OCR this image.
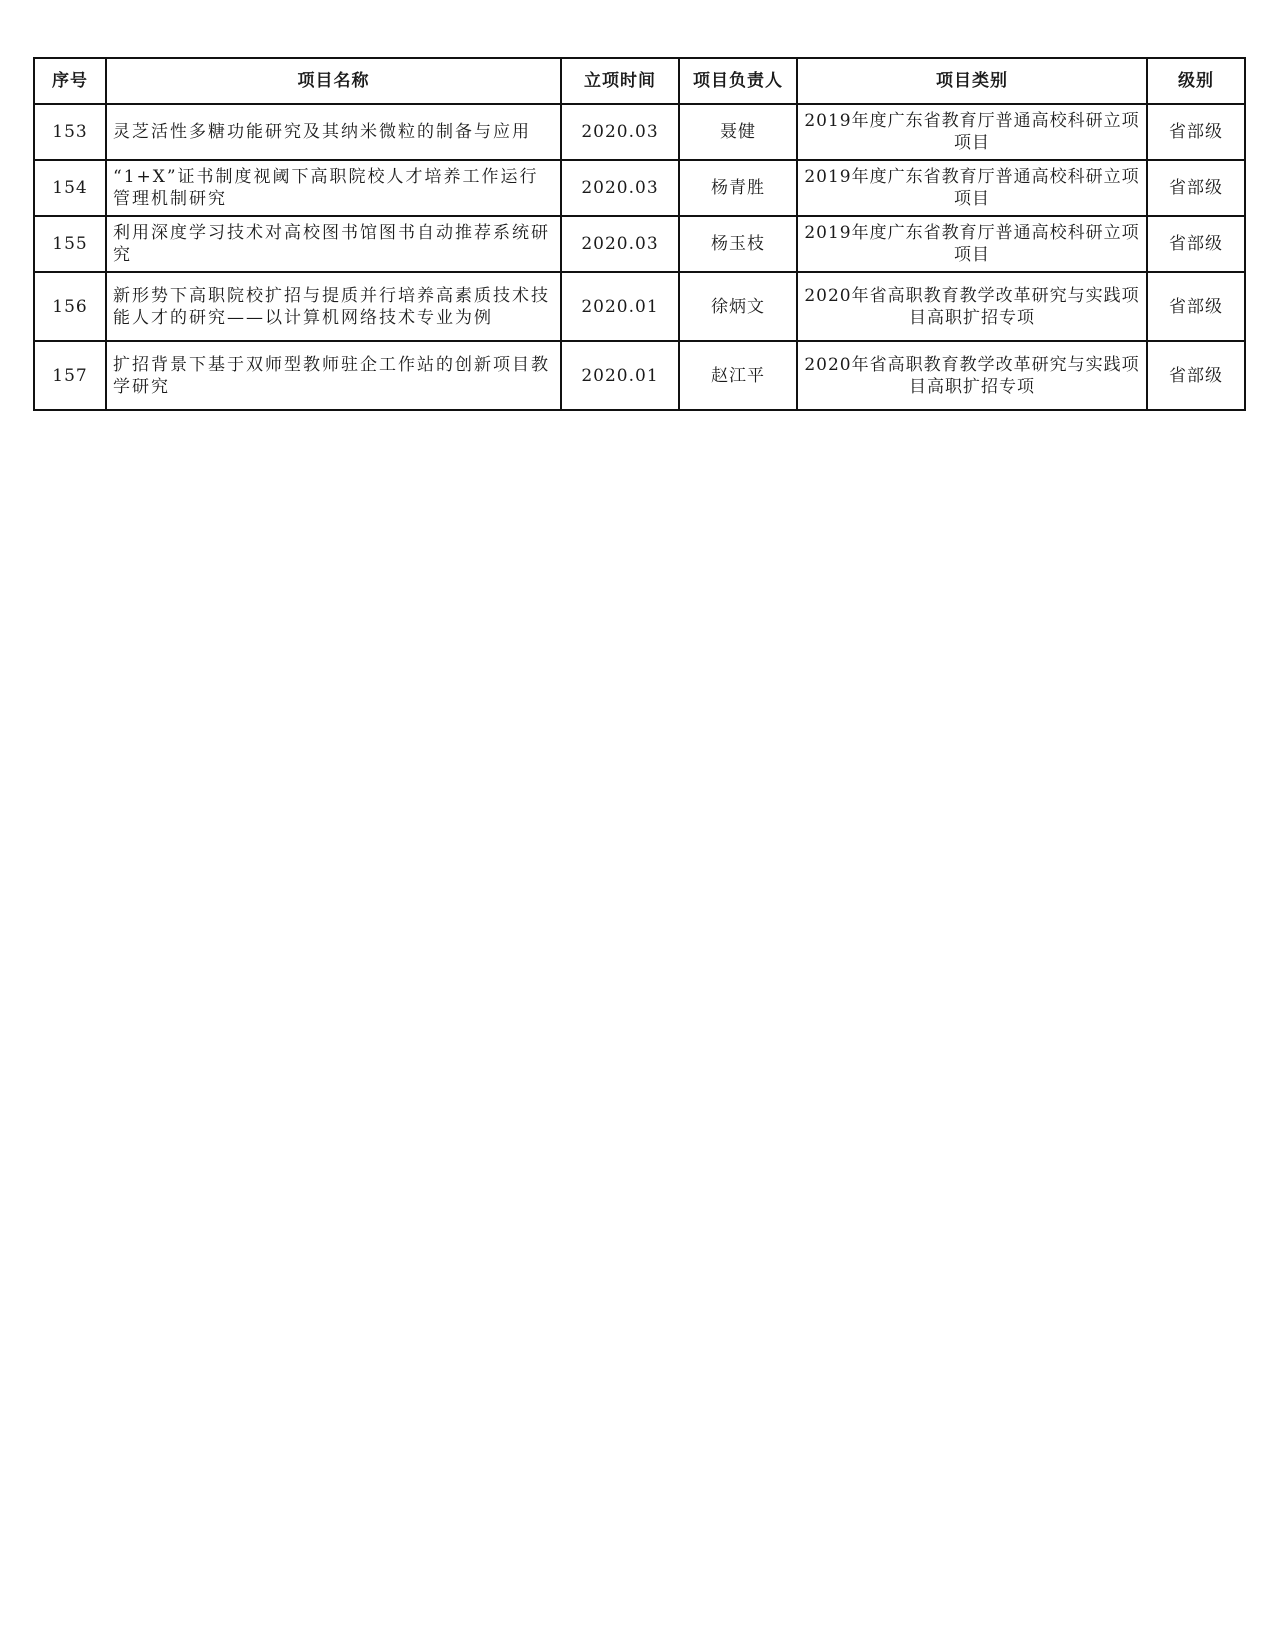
序号	项目名称	立项时间	项目负责人	项目类别	级别
153	灵芝活性多糖功能研究及其纳米微粒的制备与应用	2020.03	聂健	2019年度广东省教育厅普通高校科研立项项目	省部级
154	“1+X”证书制度视阈下高职院校人才培养工作运行管理机制研究	2020.03	杨青胜	2019年度广东省教育厅普通高校科研立项项目	省部级
155	利用深度学习技术对高校图书馆图书自动推荐系统研究	2020.03	杨玉枝	2019年度广东省教育厅普通高校科研立项项目	省部级
156	新形势下高职院校扩招与提质并行培养高素质技术技能人才的研究——以计算机网络技术专业为例	2020.01	徐炳文	2020年省高职教育教学改革研究与实践项目高职扩招专项	省部级
157	扩招背景下基于双师型教师驻企工作站的创新项目教学研究	2020.01	赵江平	2020年省高职教育教学改革研究与实践项目高职扩招专项	省部级
